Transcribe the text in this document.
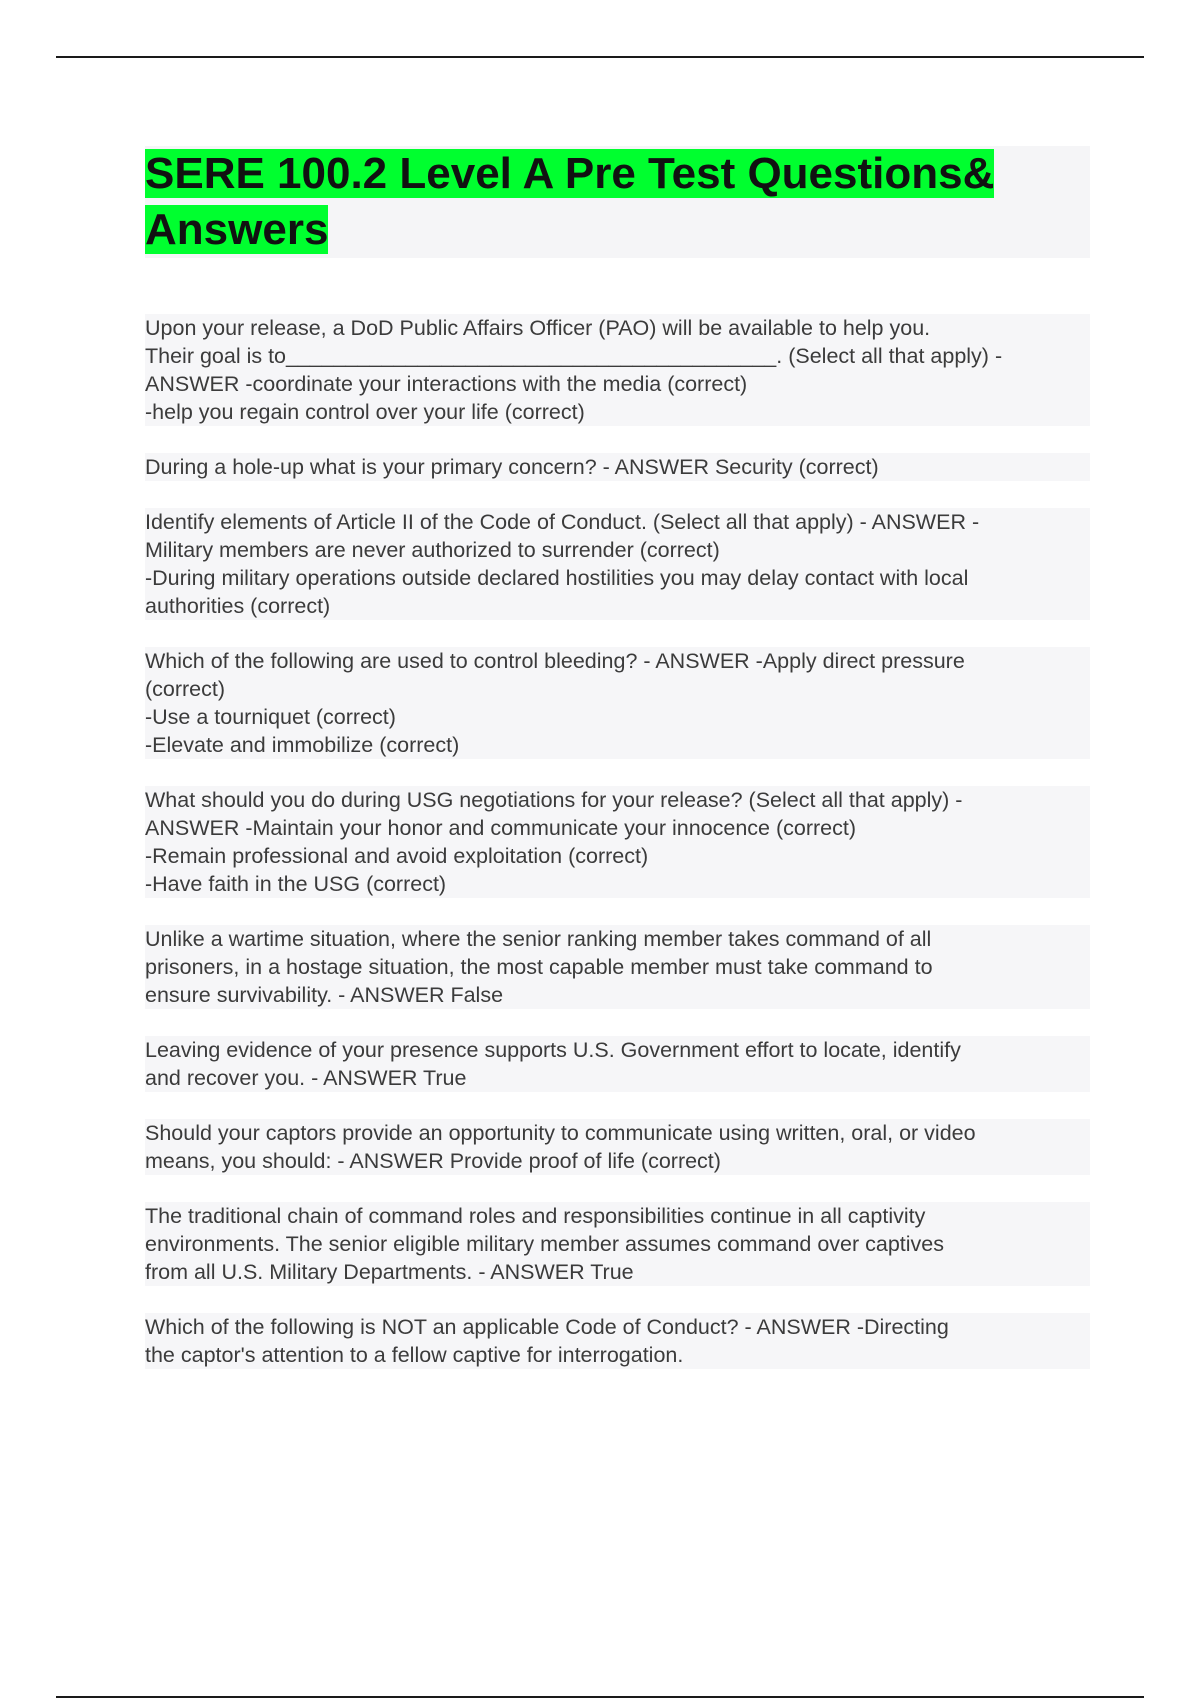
SERE 100.2 Level A Pre Test Questions&
Answers
Upon your release, a DoD Public Affairs Officer (PAO) will be available to help you.
Their goal is to_________________________________________. (Select all that apply) -
ANSWER -coordinate your interactions with the media (correct)
-help you regain control over your life (correct)
During a hole-up what is your primary concern? - ANSWER Security (correct)
Identify elements of Article II of the Code of Conduct. (Select all that apply) - ANSWER -
Military members are never authorized to surrender (correct)
-During military operations outside declared hostilities you may delay contact with local
authorities (correct)
Which of the following are used to control bleeding? - ANSWER -Apply direct pressure
(correct)
-Use a tourniquet (correct)
-Elevate and immobilize (correct)
What should you do during USG negotiations for your release? (Select all that apply) -
ANSWER -Maintain your honor and communicate your innocence (correct)
-Remain professional and avoid exploitation (correct)
-Have faith in the USG (correct)
Unlike a wartime situation, where the senior ranking member takes command of all
prisoners, in a hostage situation, the most capable member must take command to
ensure survivability. - ANSWER False
Leaving evidence of your presence supports U.S. Government effort to locate, identify
and recover you. - ANSWER True
Should your captors provide an opportunity to communicate using written, oral, or video
means, you should: - ANSWER Provide proof of life (correct)
The traditional chain of command roles and responsibilities continue in all captivity
environments. The senior eligible military member assumes command over captives
from all U.S. Military Departments. - ANSWER True
Which of the following is NOT an applicable Code of Conduct? - ANSWER -Directing
the captor's attention to a fellow captive for interrogation.
